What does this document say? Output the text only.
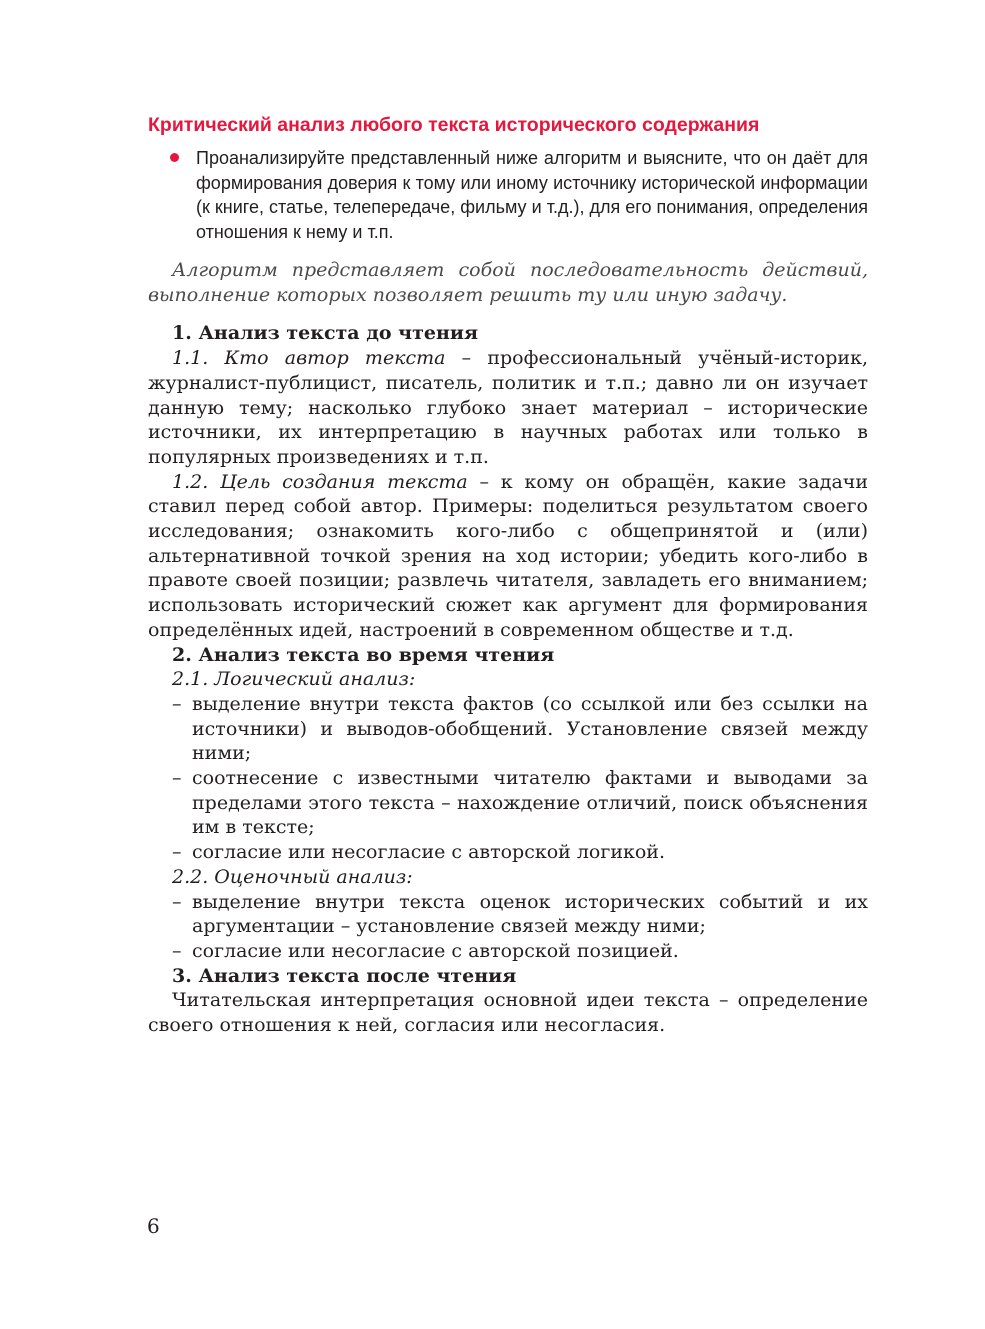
Критический анализ любого текста исторического содержания
Проанализируйте представленный ниже алгоритм и выясните, что он даёт для формирования доверия к тому или иному источнику исторической информации (к книге, статье, телепередаче, фильму и т.д.), для его понимания, определения отношения к нему и т.п.

Алгоритм представляет собой последовательность действий, выполнение которых позволяет решить ту или иную задачу.

1. Анализ текста до чтения

1.1. Кто автор текста – профессиональный учёный-историк, журналист-публицист, писатель, политик и т.п.; давно ли он изучает данную тему; насколько глубоко знает материал – исторические источники, их интерпретацию в научных работах или только в популярных произведениях и т.п.

1.2. Цель создания текста – к кому он обращён, какие задачи ставил перед собой автор. Примеры: поделиться результатом своего исследования; ознакомить кого-либо с общепринятой и (или) альтернативной точкой зрения на ход истории; убедить кого-либо в правоте своей позиции; развлечь читателя, завладеть его вниманием; использовать исторический сюжет как аргумент для формирования определённых идей, настроений в современном обществе и т.д.

2. Анализ текста во время чтения

2.1. Логический анализ:

– выделение внутри текста фактов (со ссылкой или без ссылки на источники) и выводов-обобщений. Установление связей между ними;

– соотнесение с известными читателю фактами и выводами за пределами этого текста – нахождение отличий, поиск объяснения им в тексте;

– согласие или несогласие с авторской логикой.

2.2. Оценочный анализ:

– выделение внутри текста оценок исторических событий и их аргументации – установление связей между ними;

– согласие или несогласие с авторской позицией.

3. Анализ текста после чтения

Читательская интерпретация основной идеи текста – определение своего отношения к ней, согласия или несогласия.

6
